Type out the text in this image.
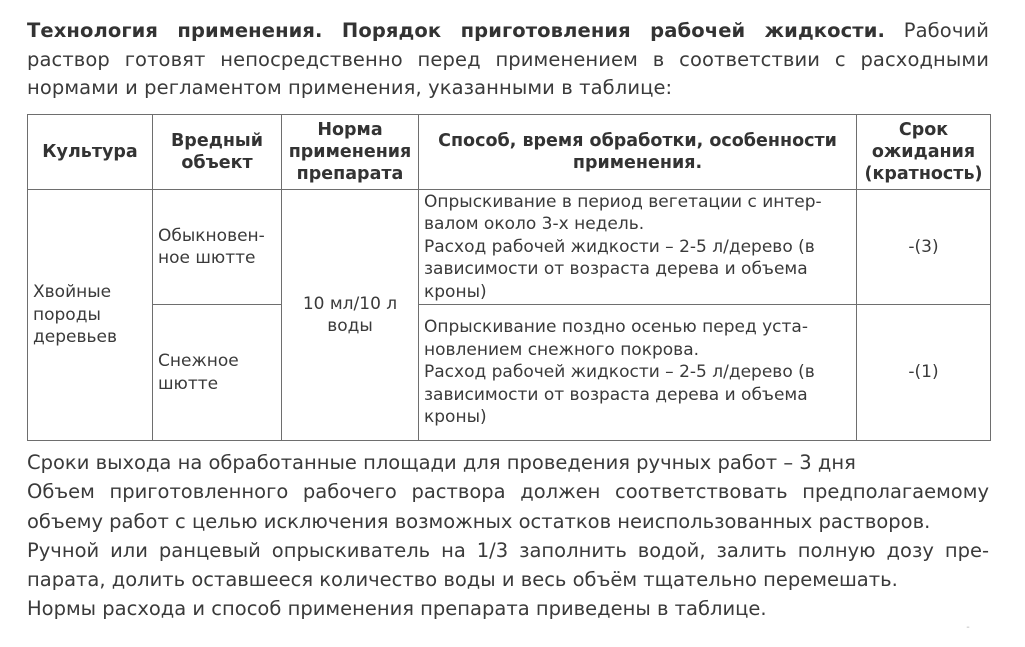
Технология применения. Порядок приготовления рабочей жидкости. Рабочий раствор готовят непосредственно перед применением в соответствии с расходными нормами и регламентом применения, указанными в таблице:
Культура	Вредный объект	Норма применения препарата	Способ, время обработки, особенности применения.	Срок ожидания (кратность)
Хвойные породы деревьев	Обыкновен-ное шютте	10 мл/10 л воды	Опрыскивание в период вегетации с интер-
валом около 3-х недель.
Расход рабочей жидкости – 2-5 л/дерево (в
зависимости от возраста дерева и объема
кроны)	-(3)
	Снежное шютте		Опрыскивание поздно осенью перед уста-
новлением снежного покрова.
Расход рабочей жидкости – 2-5 л/дерево (в
зависимости от возраста дерева и объема
кроны)	-(1)

Сроки выхода на обработанные площади для проведения ручных работ – 3 дня

Объем приготовленного рабочего раствора должен соответствовать предполагаемому объему работ с целью исключения возможных остатков неиспользованных растворов.

Ручной или ранцевый опрыскиватель на 1/3 заполнить водой, залить полную дозу пре-парата, долить оставшееся количество воды и весь объём тщательно перемешать.

Нормы расхода и способ применения препарата приведены в таблице.

¨
